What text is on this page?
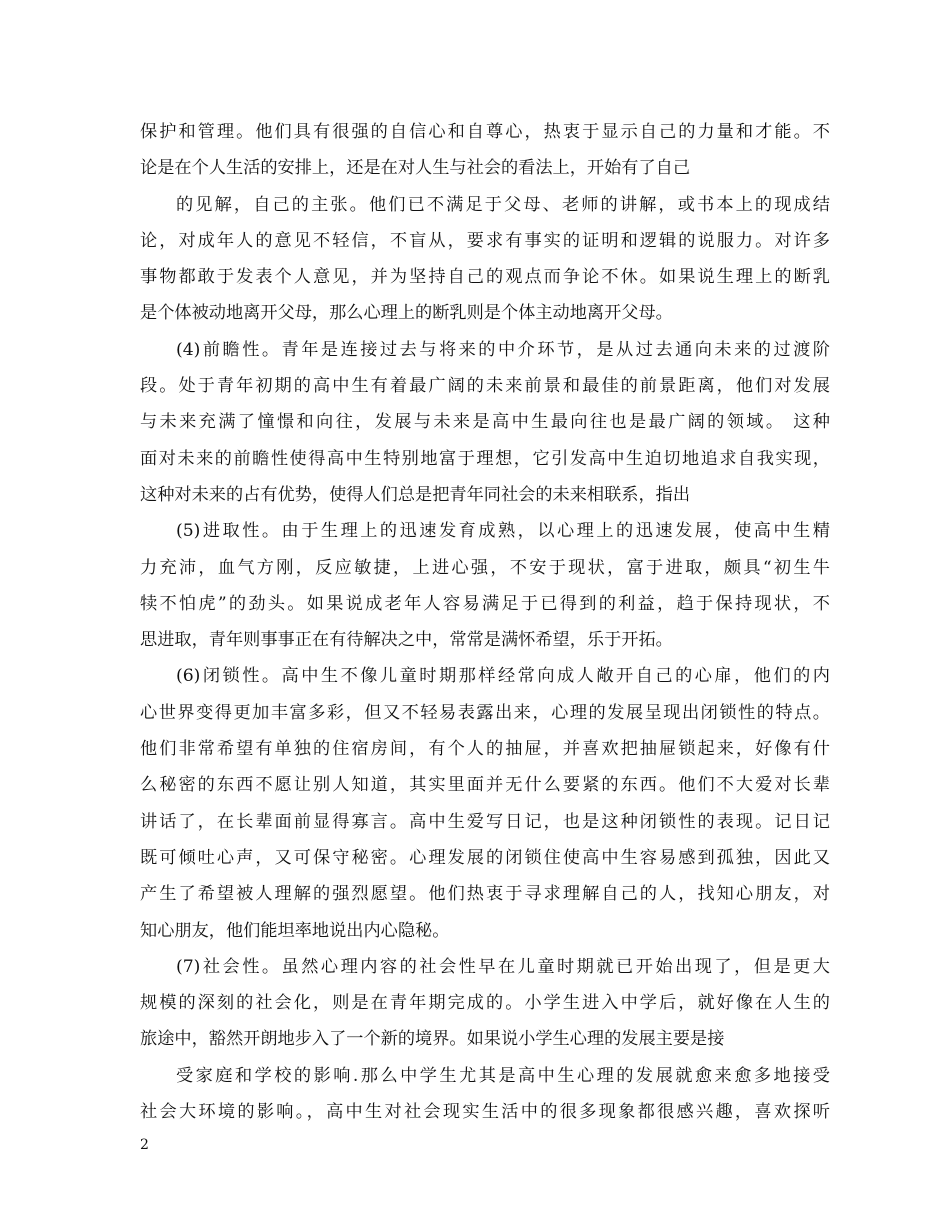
保护和管理。他们具有很强的自信心和自尊心，热衷于显示自己的力量和才能。不
论是在个人生活的安排上，还是在对人生与社会的看法上，开始有了自己
的见解，自己的主张。他们已不满足于父母、老师的讲解，或书本上的现成结
论，对成年人的意见不轻信，不盲从，要求有事实的证明和逻辑的说服力。对许多
事物都敢于发表个人意见，并为坚持自己的观点而争论不休。如果说生理上的断乳
是个体被动地离开父母，那么心理上的断乳则是个体主动地离开父母。
(4)前瞻性。青年是连接过去与将来的中介环节，是从过去通向未来的过渡阶
段。处于青年初期的高中生有着最广阔的未来前景和最佳的前景距离，他们对发展
与未来充满了憧憬和向往，发展与未来是高中生最向往也是最广阔的领域。 这种
面对未来的前瞻性使得高中生特别地富于理想，它引发高中生迫切地追求自我实现，
这种对未来的占有优势，使得人们总是把青年同社会的未来相联系，指出
(5)进取性。由于生理上的迅速发育成熟，以心理上的迅速发展，使高中生精
力充沛，血气方刚，反应敏捷，上进心强，不安于现状，富于进取，颇具“初生牛
犊不怕虎”的劲头。如果说成老年人容易满足于已得到的利益，趋于保持现状，不
思进取，青年则事事正在有待解决之中，常常是满怀希望，乐于开拓。
(6)闭锁性。高中生不像儿童时期那样经常向成人敞开自己的心扉，他们的内
心世界变得更加丰富多彩，但又不轻易表露出来，心理的发展呈现出闭锁性的特点。
他们非常希望有单独的住宿房间，有个人的抽屉，并喜欢把抽屉锁起来，好像有什
么秘密的东西不愿让别人知道，其实里面并无什么要紧的东西。他们不大爱对长辈
讲话了，在长辈面前显得寡言。高中生爱写日记，也是这种闭锁性的表现。记日记
既可倾吐心声，又可保守秘密。心理发展的闭锁住使高中生容易感到孤独，因此又
产生了希望被人理解的强烈愿望。他们热衷于寻求理解自己的人，找知心朋友，对
知心朋友，他们能坦率地说出内心隐秘。
(7)社会性。虽然心理内容的社会性早在儿童时期就已开始出现了，但是更大
规模的深刻的社会化，则是在青年期完成的。小学生进入中学后，就好像在人生的
旅途中，豁然开朗地步入了一个新的境界。如果说小学生心理的发展主要是接
受家庭和学校的影响.那么中学生尤其是高中生心理的发展就愈来愈多地接受
社会大环境的影响。，高中生对社会现实生活中的很多现象都很感兴趣，喜欢探听
2
